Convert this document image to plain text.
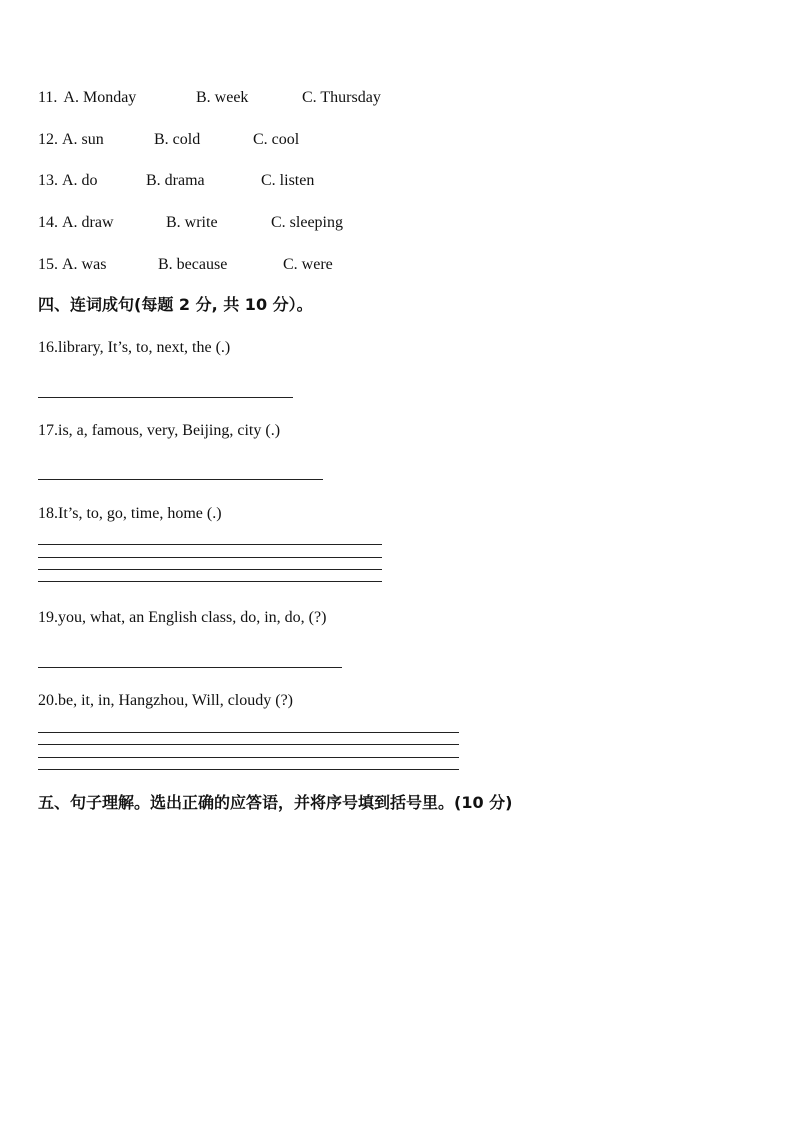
11. A. Monday	B. week	C. Thursday
12. A. sun	B. cold	C. cool
13. A. do	B. drama	C. listen
14. A. draw	B. write	C. sleeping
15. A. was	B. because	C. were
四、连词成句(每题 2 分, 共 10 分）。
16.library, It’s, to, next, the (.)
17.is, a, famous, very, Beijing, city (.)
18.It’s, to, go, time, home (.)
19.you, what, an English class, do, in, do, (?)
20.be, it, in, Hangzhou, Will, cloudy (?)
五、句子理解。选出正确的应答语，并将序号填到括号里。(10 分)
